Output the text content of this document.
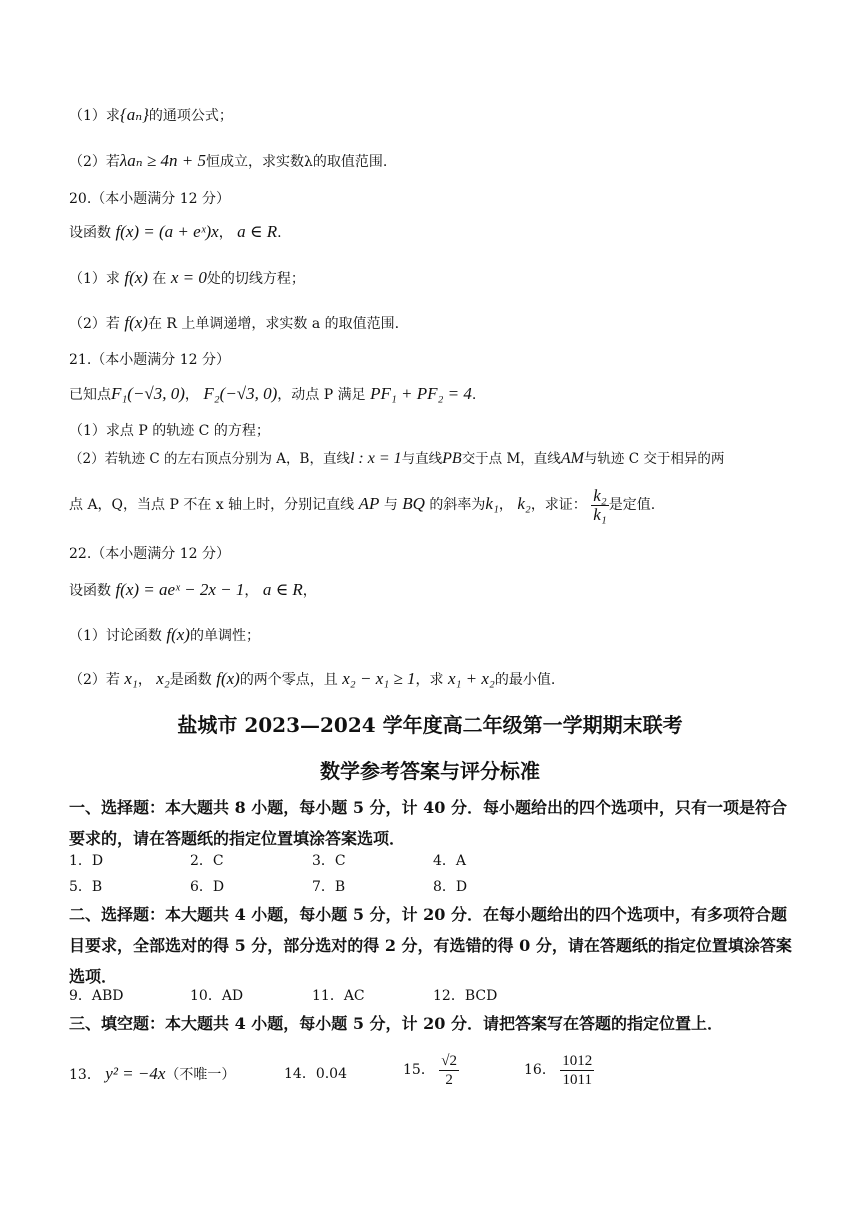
（1）求{aₙ}的通项公式；
（2）若λaₙ ≥ 4n + 5恒成立，求实数λ的取值范围.
20.（本小题满分 12 分）
设函数 f(x) = (a + eˣ)x， a ∈ R.
（1）求 f(x) 在 x = 0处的切线方程；
（2）若 f(x)在 R 上单调递增，求实数 a 的取值范围.
21.（本小题满分 12 分）
已知点F₁(−√3, 0)， F₂(−√3, 0)，动点 P 满足 PF₁ + PF₂ = 4.
（1）求点 P 的轨迹 C 的方程；
（2）若轨迹 C 的左右顶点分别为 A，B，直线l : x = 1与直线PB交于点 M，直线AM与轨迹 C 交于相异的两
点 A，Q，当点 P 不在 x 轴上时，分别记直线 AP 与 BQ 的斜率为k₁， k₂，求证： $\frac{\text{k₂}}{\text{k₁}}$ 是定值.
22.（本小题满分 12 分）
设函数 f(x) = aeˣ − 2x − 1， a ∈ R，
（1）讨论函数 f(x)的单调性；
（2）若 x₁， x₂是函数 f(x)的两个零点，且 x₂ − x₁ ≥ 1，求 x₁ + x₂的最小值.
盐城市 2023—2024 学年度高二年级第一学期期末联考
数学参考答案与评分标准
一、选择题：本大题共 8 小题，每小题 5 分，计 40 分．每小题给出的四个选项中，只有一项是符合要求的，请在答题纸的指定位置填涂答案选项．
1．D	2．C	3．C	4．A
5．B	6．D	7．B	8．D
二、选择题：本大题共 4 小题，每小题 5 分，计 20 分．在每小题给出的四个选项中，有多项符合题目要求，全部选对的得 5 分，部分选对的得 2 分，有选错的得 0 分，请在答题纸的指定位置填涂答案选项．
9．ABD	10．AD	11．AC	12．BCD
三、填空题：本大题共 4 小题，每小题 5 分，计 20 分．请把答案写在答题的指定位置上．
13． y² = −4x（不唯一）	14．0.04	15． $\frac{√2}{2}$	16． $\frac{1012}{1011}$
